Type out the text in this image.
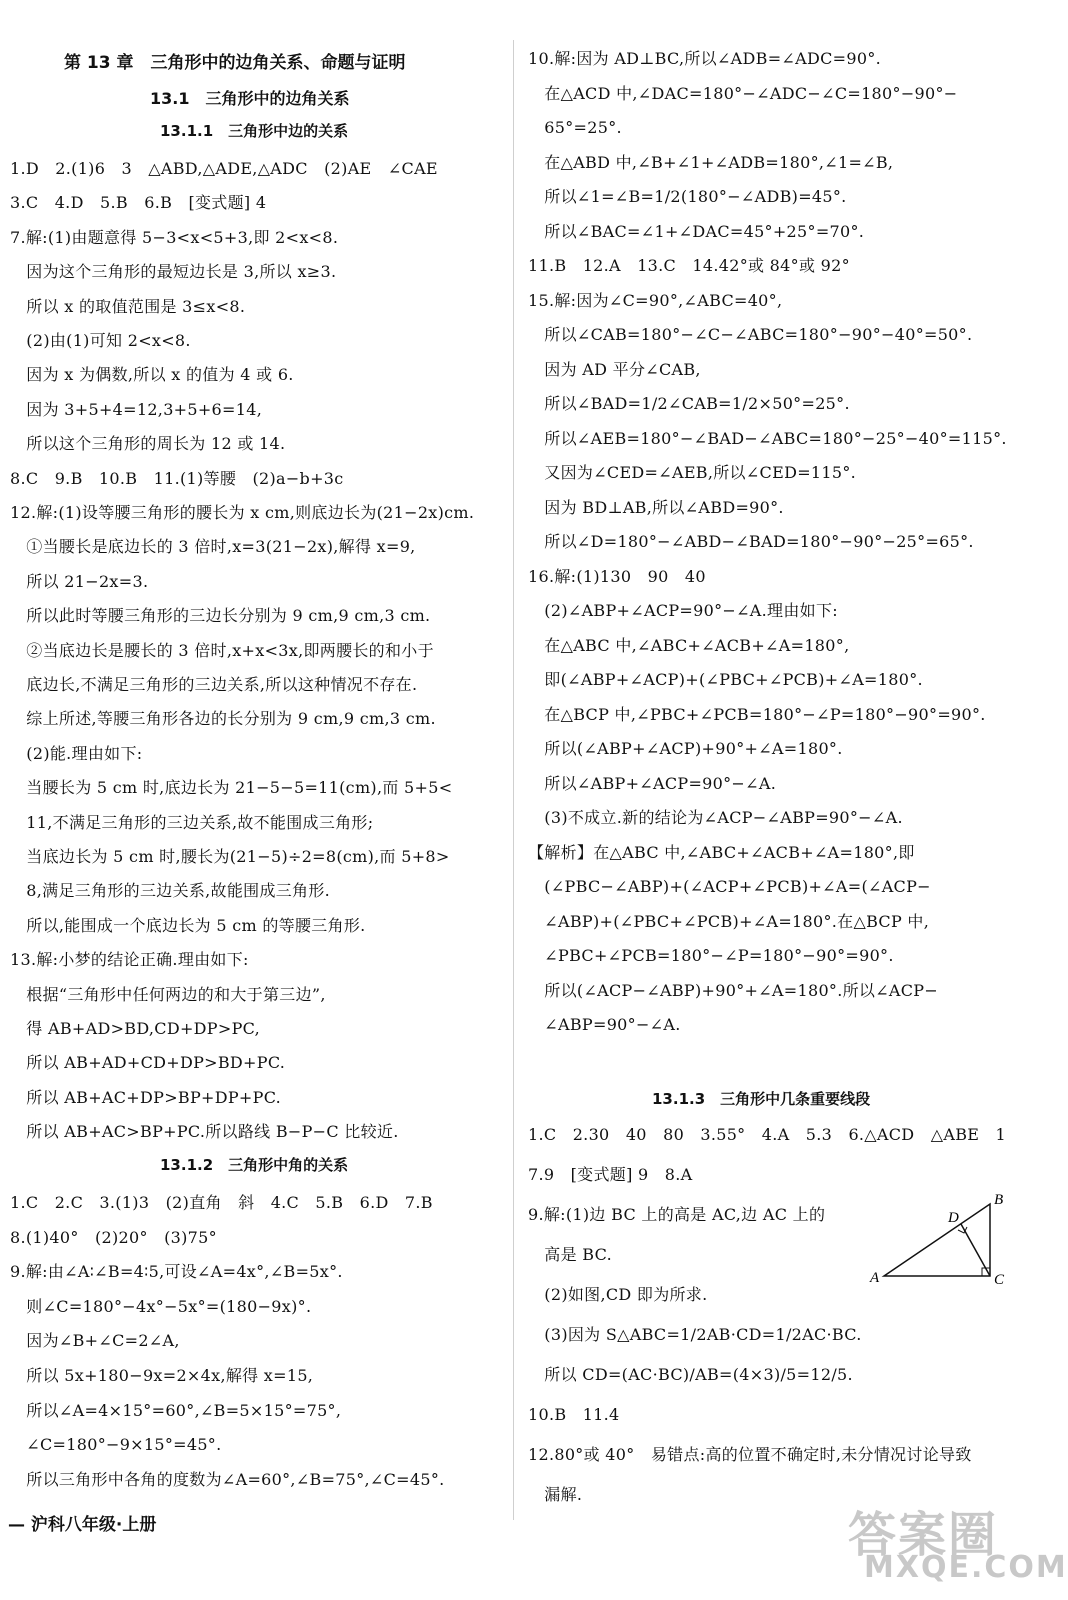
第 13 章　三角形中的边角关系、命题与证明
13.1　三角形中的边角关系
13.1.1　三角形中边的关系
1.D　2.(1)6　3　△ABD,△ADE,△ADC　(2)AE　∠CAE
3.C　4.D　5.B　6.B　[变式题] 4
7.解:(1)由题意得 5−3<x<5+3,即 2<x<8.
　因为这个三角形的最短边长是 3,所以 x≥3.
　所以 x 的取值范围是 3≤x<8.
　(2)由(1)可知 2<x<8.
　因为 x 为偶数,所以 x 的值为 4 或 6.
　因为 3+5+4=12,3+5+6=14,
　所以这个三角形的周长为 12 或 14.
8.C　9.B　10.B　11.(1)等腰　(2)a−b+3c
12.解:(1)设等腰三角形的腰长为 x cm,则底边长为(21−2x)cm.
　①当腰长是底边长的 3 倍时,x=3(21−2x),解得 x=9,
　所以 21−2x=3.
　所以此时等腰三角形的三边长分别为 9 cm,9 cm,3 cm.
　②当底边长是腰长的 3 倍时,x+x<3x,即两腰长的和小于
　底边长,不满足三角形的三边关系,所以这种情况不存在.
　综上所述,等腰三角形各边的长分别为 9 cm,9 cm,3 cm.
　(2)能.理由如下:
　当腰长为 5 cm 时,底边长为 21−5−5=11(cm),而 5+5<
　11,不满足三角形的三边关系,故不能围成三角形;
　当底边长为 5 cm 时,腰长为(21−5)÷2=8(cm),而 5+8>
　8,满足三角形的三边关系,故能围成三角形.
　所以,能围成一个底边长为 5 cm 的等腰三角形.
13.解:小梦的结论正确.理由如下:
　根据“三角形中任何两边的和大于第三边”,
　得 AB+AD>BD,CD+DP>PC,
　所以 AB+AD+CD+DP>BD+PC.
　所以 AB+AC+DP>BP+DP+PC.
　所以 AB+AC>BP+PC.所以路线 B−P−C 比较近.
13.1.2　三角形中角的关系
1.C　2.C　3.(1)3　(2)直角　斜　4.C　5.B　6.D　7.B
8.(1)40°　(2)20°　(3)75°
9.解:由∠A∶∠B=4∶5,可设∠A=4x°,∠B=5x°.
　则∠C=180°−4x°−5x°=(180−9x)°.
　因为∠B+∠C=2∠A,
　所以 5x+180−9x=2×4x,解得 x=15,
　所以∠A=4×15°=60°,∠B=5×15°=75°,
　∠C=180°−9×15°=45°.
　所以三角形中各角的度数为∠A=60°,∠B=75°,∠C=45°.
10.解:因为 AD⊥BC,所以∠ADB=∠ADC=90°.
　在△ACD 中,∠DAC=180°−∠ADC−∠C=180°−90°−
　65°=25°.
　在△ABD 中,∠B+∠1+∠ADB=180°,∠1=∠B,
　所以∠1=∠B=1/2(180°−∠ADB)=45°.
　所以∠BAC=∠1+∠DAC=45°+25°=70°.
11.B　12.A　13.C　14.42°或 84°或 92°
15.解:因为∠C=90°,∠ABC=40°,
　所以∠CAB=180°−∠C−∠ABC=180°−90°−40°=50°.
　因为 AD 平分∠CAB,
　所以∠BAD=1/2∠CAB=1/2×50°=25°.
　所以∠AEB=180°−∠BAD−∠ABC=180°−25°−40°=115°.
　又因为∠CED=∠AEB,所以∠CED=115°.
　因为 BD⊥AB,所以∠ABD=90°.
　所以∠D=180°−∠ABD−∠BAD=180°−90°−25°=65°.
16.解:(1)130　90　40
　(2)∠ABP+∠ACP=90°−∠A.理由如下:
　在△ABC 中,∠ABC+∠ACB+∠A=180°,
　即(∠ABP+∠ACP)+(∠PBC+∠PCB)+∠A=180°.
　在△BCP 中,∠PBC+∠PCB=180°−∠P=180°−90°=90°.
　所以(∠ABP+∠ACP)+90°+∠A=180°.
　所以∠ABP+∠ACP=90°−∠A.
　(3)不成立.新的结论为∠ACP−∠ABP=90°−∠A.
【解析】在△ABC 中,∠ABC+∠ACB+∠A=180°,即
　(∠PBC−∠ABP)+(∠ACP+∠PCB)+∠A=(∠ACP−
　∠ABP)+(∠PBC+∠PCB)+∠A=180°.在△BCP 中,
　∠PBC+∠PCB=180°−∠P=180°−90°=90°.
　所以(∠ACP−∠ABP)+90°+∠A=180°.所以∠ACP−
　∠ABP=90°−∠A.
13.1.3　三角形中几条重要线段
1.C　2.30　40　80　3.55°　4.A　5.3　6.△ACD　△ABE　1
7.9　[变式题] 9　8.A
9.解:(1)边 BC 上的高是 AC,边 AC 上的
　高是 BC.
　(2)如图,CD 即为所求.
　(3)因为 S△ABC=1/2AB·CD=1/2AC·BC.
　所以 CD=(AC·BC)/AB=(4×3)/5=12/5.
10.B　11.4
12.80°或 40°　易错点:高的位置不确定时,未分情况讨论导致
　漏解.
A
B
C
D
— 沪科八年级·上册	答案圈
MXQE.COM
